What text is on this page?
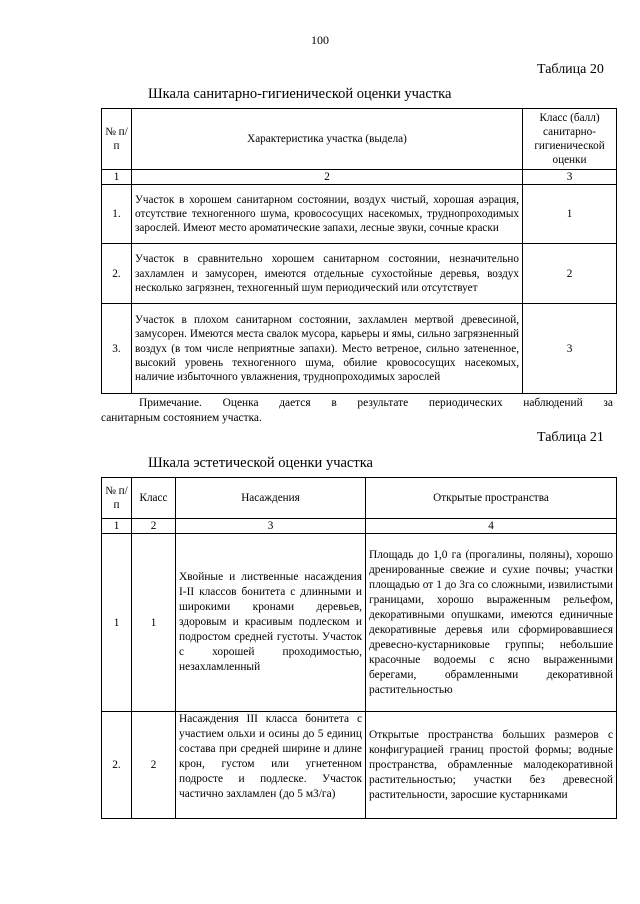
100
Таблица 20
Шкала санитарно-гигиенической оценки участка
№ п/п	Характеристика участка (выдела)	Класс (балл) санитарно-гигиенической оценки
1	2	3
1.	Участок в хорошем санитарном состоянии, воздух чистый, хорошая аэрация, отсутствие техногенного шума, кровососущих насекомых, труднопроходимых зарослей. Имеют место ароматические запахи, лесные звуки, сочные краски	1
2.	Участок в сравнительно хорошем санитарном состоянии, незначительно захламлен и замусорен, имеются отдельные сухостойные деревья, воздух несколько загрязнен, техногенный шум периодический или отсутствует	2
3.	Участок в плохом санитарном состоянии, захламлен мертвой древесиной, замусорен. Имеются места свалок мусора, карьеры и ямы, сильно загрязненный воздух (в том числе неприятные запахи). Место ветреное, сильно затененное, высокий уровень техногенного шума, обилие кровососущих насекомых, наличие избыточного увлажнения, труднопроходимых зарослей	3
Примечание. Оценка дается в результате периодических наблюдений за
санитарным состоянием участка.
Таблица 21
Шкала эстетической оценки участка
№ п/п	Класс	Насаждения	Открытые пространства
1	2	3	4
1	1	Хвойные и лиственные насаждения I-II классов бонитета с длинными и широкими кронами деревьев, здоровым и красивым подлеском и подростом средней густоты. Участок с хорошей проходимостью, незахламленный	Площадь до 1,0 га (прогалины, поляны), хорошо дренированные свежие и сухие почвы; участки площадью от 1 до 3га со сложными, извилистыми границами, хорошо выраженным рельефом, декоративными опушками, имеются единичные декоративные деревья или сформировавшиеся древесно-кустарниковые группы; небольшие красочные водоемы с ясно выраженными берегами, обрамленными декоративной растительностью
2.	2	Насаждения III класса бонитета с участием ольхи и осины до 5 единиц состава при средней ширине и длине крон, густом или угнетенном подросте и подлеске. Участок частично захламлен (до 5 м3/га)	Открытые пространства больших размеров с конфигурацией границ простой формы; водные пространства, обрамленные малодекоративной растительностью; участки без древесной растительности, заросшие кустарниками
